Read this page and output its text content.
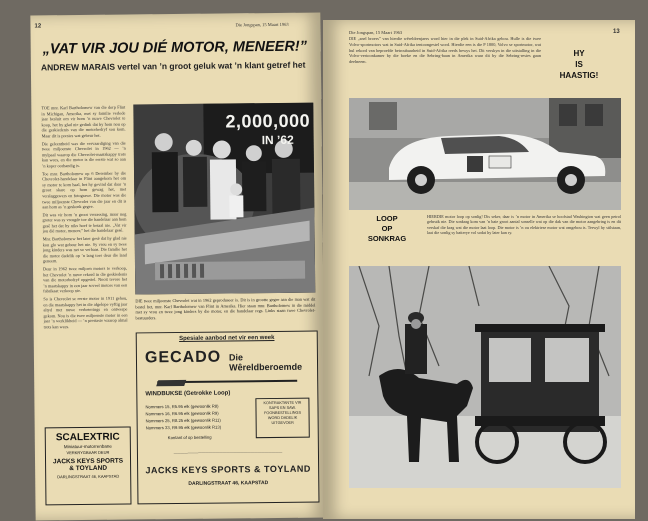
12	Die Jongspan, 15 Maart 1963
„VAT VIR JOU DIÉ MOTOR, MENEER!”
ANDREW MARAIS vertel van ’n groot geluk wat ’n klant getref het

TOE mnr. Karl Bartholomew van die dorp Flint in Michigan, Amerika, met sy familie verlede jaar besluit om vir hom ’n nuwe Chevrolet te koop, het hy glad nie gedink dat hy hom nou op die geskiedenis van die motorbedryf sou kom. Maar dit is presies wat gebeur het.

Die geleentheid was die vervaardiging van die twee miljoenste Chevrolet in 1962 — ’n mylpaal waarop die Chevrolet-maatskappy trots kan wees, en die motor is die eerste wat so aan ’n koper oorhandig is.

Toe mnr. Bartholomew op 6 Desember by die Chevrolet-handelaar in Flint aangekom het om sy motor te kom haal, het hy gevind dat daar ’n groot skare op hom gewag het, met verslaggewers en fotograwe. Die motor was die twee miljoenste Chevrolet van die jaar en dit is aan hom as ’n geskenk gegee.

Dit was vir hom ’n groot verrassing, maar nog groter was sy vreugde toe die handelaar aan hom gesê het dat hy niks hoef te betaal nie. „Vat vir jou dié motor, meneer,” het die handelaar gesê.

Mnr. Bartholomew het later gesê dat hy glad nie kon glo wat gebeur het nie. Sy vrou en sy twee jong kinders was net so verbaas. Die familie het die motor dadelik op ’n lang toer deur die land geneem.

Deur in 1962 twee miljoen motors te verkoop, het Chevrolet ’n nuwe rekord in die geskiedenis van die motorbedryf opgestel. Nooit tevore het ’n maatskappy in een jaar soveel motors van een fabrikaat verkoop nie.

So is Chevrolet se eerste motor in 1911 gebou, en die maatskappy het in die afgelope vyftig jaar altyd met nuwe verbeterings en ontwerpe gekom. Nou is die twee miljoenste motor in een jaar ’n werklikheid — ’n prestasie waarop almal trots kan wees.

2,000,000
IN ’62
DIE twee miljoenste Chevrolet wat in 1962 geproduseer is. Dit is in grootte gegee aan die man wat dit bestel het, mnr. Karl Bartholomew van Flint in Amerika. Hier staan mnr. Bartholomew in die middel met sy vrou en twee jong kinders by die motor, en die handelaar regs. Links staan twee Chevrolet-bestuurders.
SCALEXTRIC
Miniatuur-motorrenbane
VERKRYGBAAR DEUR
JACKS KEYS SPORTS
& TOYLAND
DARLINGSTRAAT 46, KAAPSTAD
Spesiale aanbod net vir een week
GECADO Die Wêreldberoemde
WINDBUKSE (Getrokke Loop)
Nommers 15, R5.95 elk (gewoonlik R8)
Nommers 16, R6.95 elk (gewoonlik R9)
Nommers 25, R8.25 elk (gewoonlik R11)
Nommers 33, R9.95 elk (gewoonlik R13)
Kontant of op bestelling
KONTRAKTANTE VIR SAPS EN SAW. FOONBESTELLINGS WORD DADELIK UITGEVOER
———————————————————————————————
JACKS KEYS SPORTS & TOYLAND
DARLINGSTRAAT 46, KAAPSTAD
Die Jongspan, 15 Maart 1963	13
DIE „snel broers” van hierdie wêreldrenjaers word hier in die plek in Suid-Afrika gebou. Hulle is die twee Volvo-sportmotors wat in Suid-Afrika tentoongestel word. Hierdie een is die P 1800, Volvo se sportmotor, wat hul rekord van beproefde betroubaarheid in Suid-Afrika reeds bewys het. Dit verskyn in die uitstalling in die Volvo-vertoonkamer by die boeke en die Sebring-baan in Amerika waar dit by die Sebring-resies gaan deelneem.
HY
IS
HAASTIG!
LOOP
OP
SONKRAG
HIERDIE motor loop op sonlig! Dis seker, daar is ’n motor in Amerika se hoofstad Washington wat geen petrol gebruik nie. Die sonkrag kom van ’n baie groot aantal sonselle wat op die dak van die motor aangebring is en dit verskaf die krag wat die motor laat loop. Die motor is ’n ou elektriese motor wat omgebou is. Terwyl hy stilstaan, laai die sonlig sy batterye vol sodat hy later kan ry.
